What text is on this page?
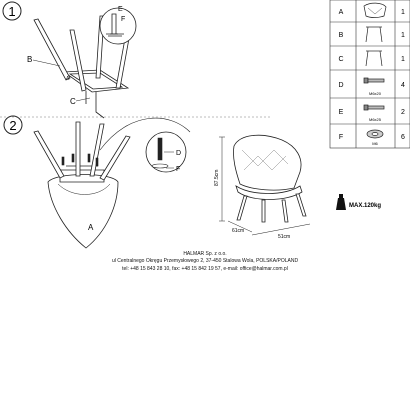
1	E
F
B
C
A
2
D
F
A
87.5cm
61cm
51cm
MAX.120kg
A	1
B	1
C	1
D	4
M6x20
E	2
M6x25
F	6
M6
HALMAR Sp. z o.o.
ul Centralnego Okręgu Przemysłowego 2, 37-450 Stalowa Wola, POLSKA/POLAND
tel: +48 15 843 28 10, fax: +48 15 842 19 57, e-mail: office@halmar.com.pl
